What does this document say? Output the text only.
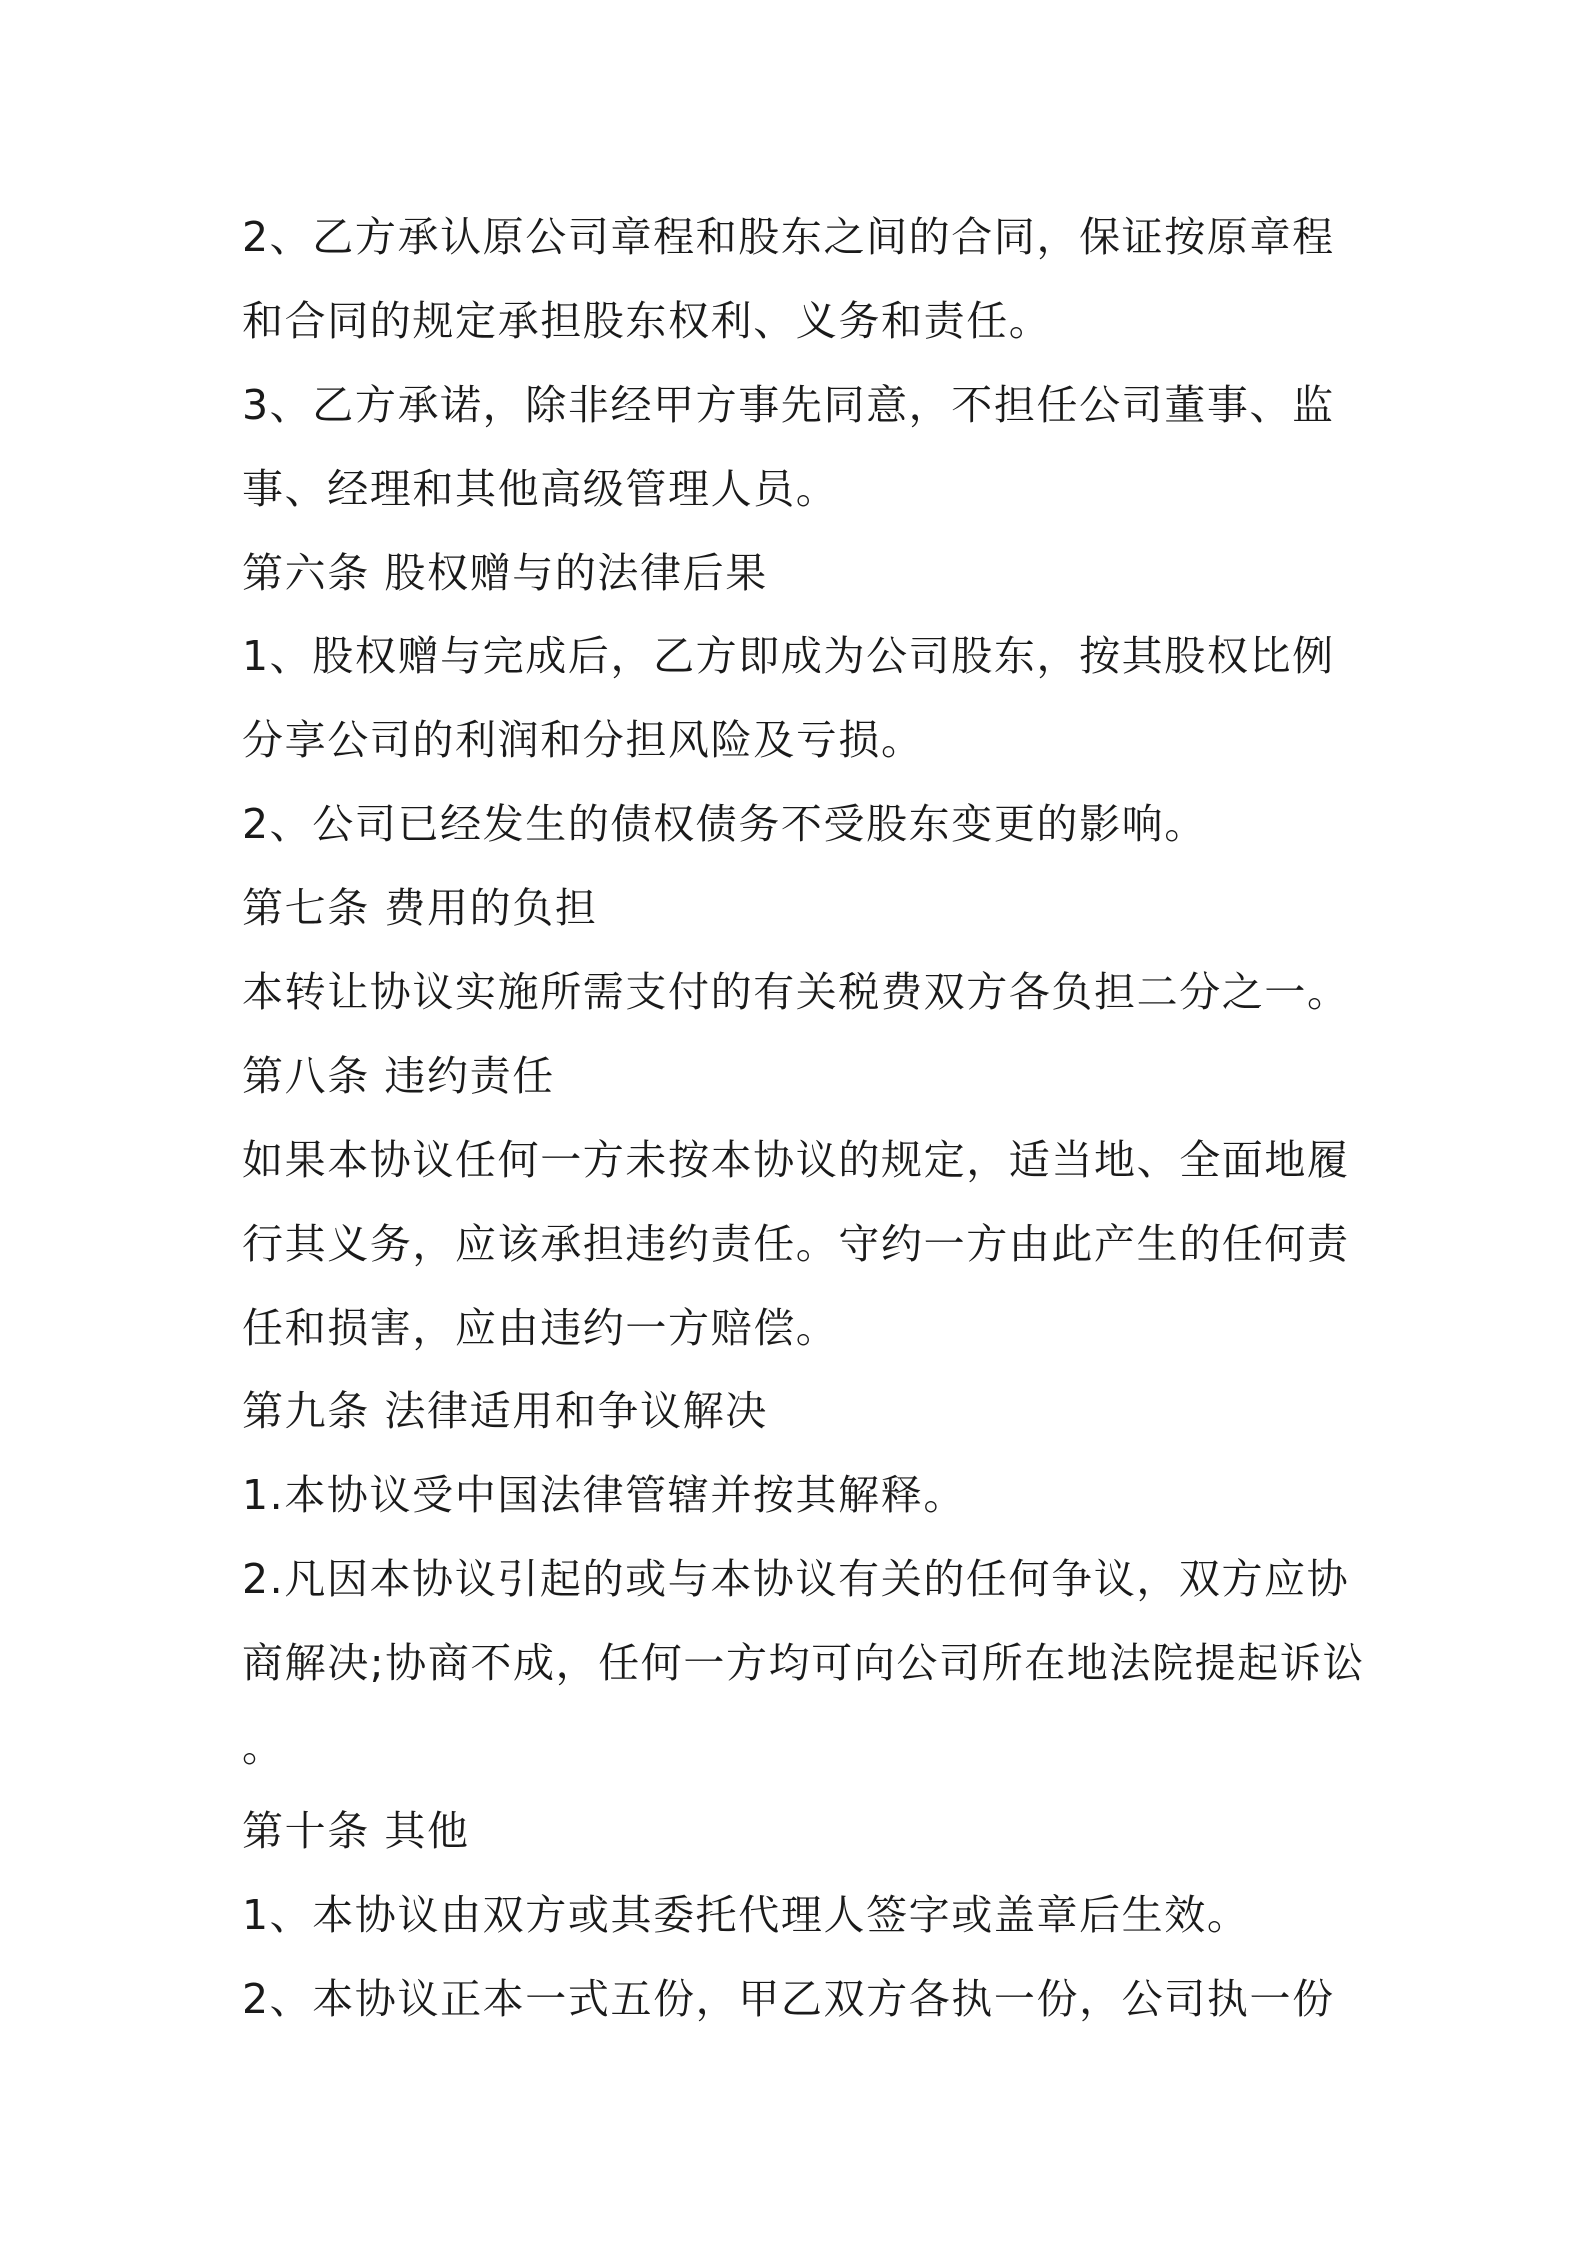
2、乙方承认原公司章程和股东之间的合同，保证按原章程
和合同的规定承担股东权利、义务和责任。
3、乙方承诺，除非经甲方事先同意，不担任公司董事、监
事、经理和其他高级管理人员。
第六条 股权赠与的法律后果
1、股权赠与完成后，乙方即成为公司股东，按其股权比例
分享公司的利润和分担风险及亏损。
2、公司已经发生的债权债务不受股东变更的影响。
第七条 费用的负担
本转让协议实施所需支付的有关税费双方各负担二分之一。
第八条 违约责任
如果本协议任何一方未按本协议的规定，适当地、全面地履
行其义务，应该承担违约责任。守约一方由此产生的任何责
任和损害，应由违约一方赔偿。
第九条 法律适用和争议解决
1.本协议受中国法律管辖并按其解释。
2.凡因本协议引起的或与本协议有关的任何争议，双方应协
商解决;协商不成，任何一方均可向公司所在地法院提起诉讼
。
第十条 其他
1、本协议由双方或其委托代理人签字或盖章后生效。
2、本协议正本一式五份，甲乙双方各执一份，公司执一份
